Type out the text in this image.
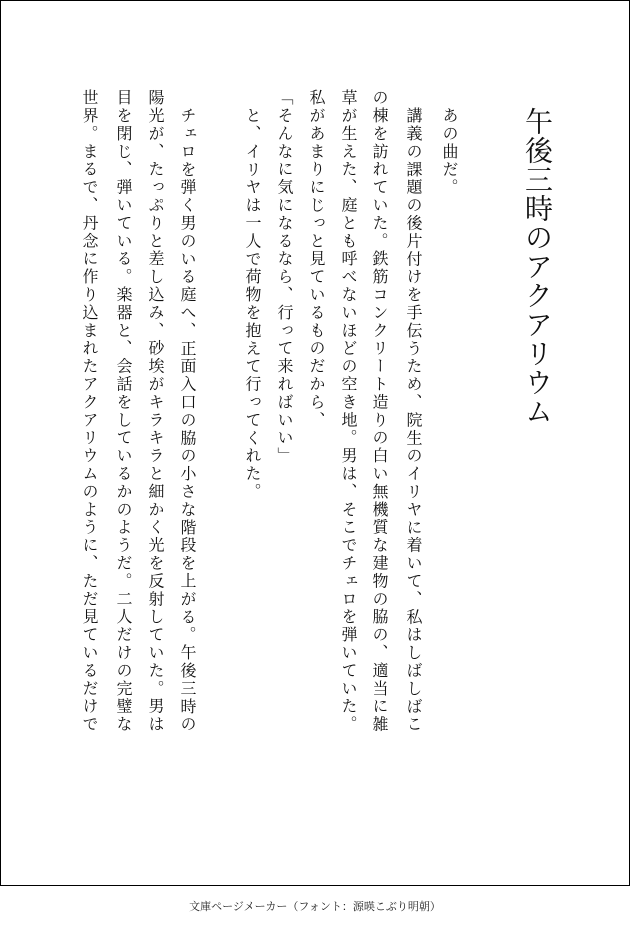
午後三時のアクアリウム
あの曲だ。
講義の課題の後片付けを手伝うため、院生のイリヤに着いて、私はしばしばこ
の棟を訪れていた。鉄筋コンクリート造りの白い無機質な建物の脇の、適当に雑
草が生えた、庭とも呼べないほどの空き地。男は、そこでチェロを弾いていた。
私があまりにじっと見ているものだから、
「そんなに気になるなら、行って来ればいい」
と、イリヤは一人で荷物を抱えて行ってくれた。
チェロを弾く男のいる庭へ、正面入口の脇の小さな階段を上がる。午後三時の
陽光が、たっぷりと差し込み、砂埃がキラキラと細かく光を反射していた。男は
目を閉じ、弾いている。楽器と、会話をしているかのようだ。二人だけの完璧な
世界。まるで、丹念に作り込まれたアクアリウムのように、ただ見ているだけで
文庫ページメーカー（フォント：源暎こぶり明朝）
